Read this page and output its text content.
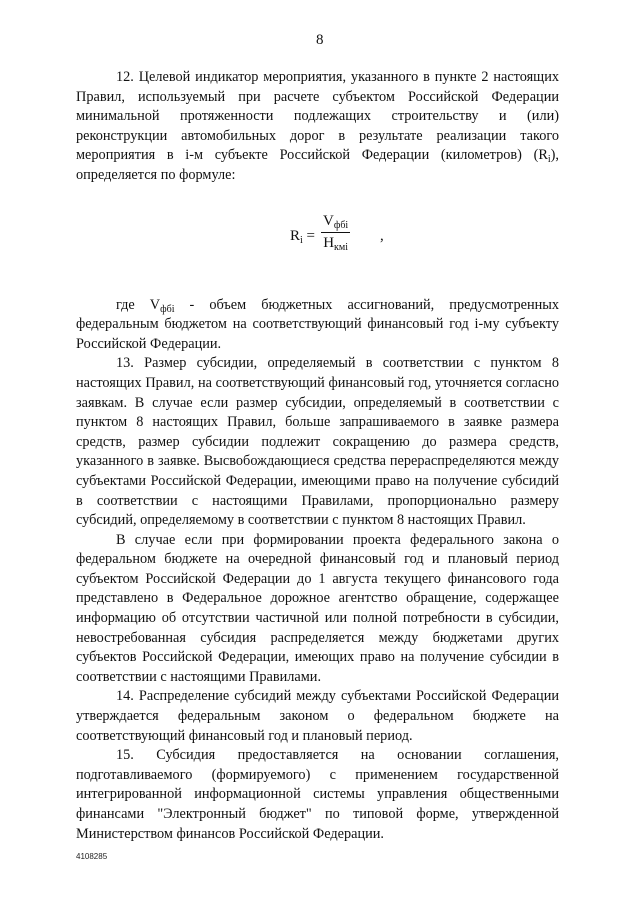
8

12. Целевой индикатор мероприятия, указанного в пункте 2 настоящих Правил, используемый при расчете субъектом Российской Федерации минимальной протяженности подлежащих строительству и (или) реконструкции автомобильных дорог в результате реализации такого мероприятия в i-м субъекте Российской Федерации (километров) $(R_i)$, определяется по формуле:

$R_i$ =
$V_{фбi}$
$H_{кмi}$
,

где $V_{фбi}$ - объем бюджетных ассигнований, предусмотренных федеральным бюджетом на соответствующий финансовый год i-му субъекту Российской Федерации.

13. Размер субсидии, определяемый в соответствии с пунктом 8 настоящих Правил, на соответствующий финансовый год, уточняется согласно заявкам. В случае если размер субсидии, определяемый в соответствии с пунктом 8 настоящих Правил, больше запрашиваемого в заявке размера средств, размер субсидии подлежит сокращению до размера средств, указанного в заявке. Высвобождающиеся средства перераспределяются между субъектами Российской Федерации, имеющими право на получение субсидий в соответствии с настоящими Правилами, пропорционально размеру субсидий, определяемому в соответствии с пунктом 8 настоящих Правил.

В случае если при формировании проекта федерального закона о федеральном бюджете на очередной финансовый год и плановый период субъектом Российской Федерации до 1 августа текущего финансового года представлено в Федеральное дорожное агентство обращение, содержащее информацию об отсутствии частичной или полной потребности в субсидии, невостребованная субсидия распределяется между бюджетами других субъектов Российской Федерации, имеющих право на получение субсидии в соответствии с настоящими Правилами.

14. Распределение субсидий между субъектами Российской Федерации утверждается федеральным законом о федеральном бюджете на соответствующий финансовый год и плановый период.

15. Субсидия предоставляется на основании соглашения, подготавливаемого (формируемого) с применением государственной интегрированной информационной системы управления общественными финансами "Электронный бюджет" по типовой форме, утвержденной Министерством финансов Российской Федерации.

4108285
